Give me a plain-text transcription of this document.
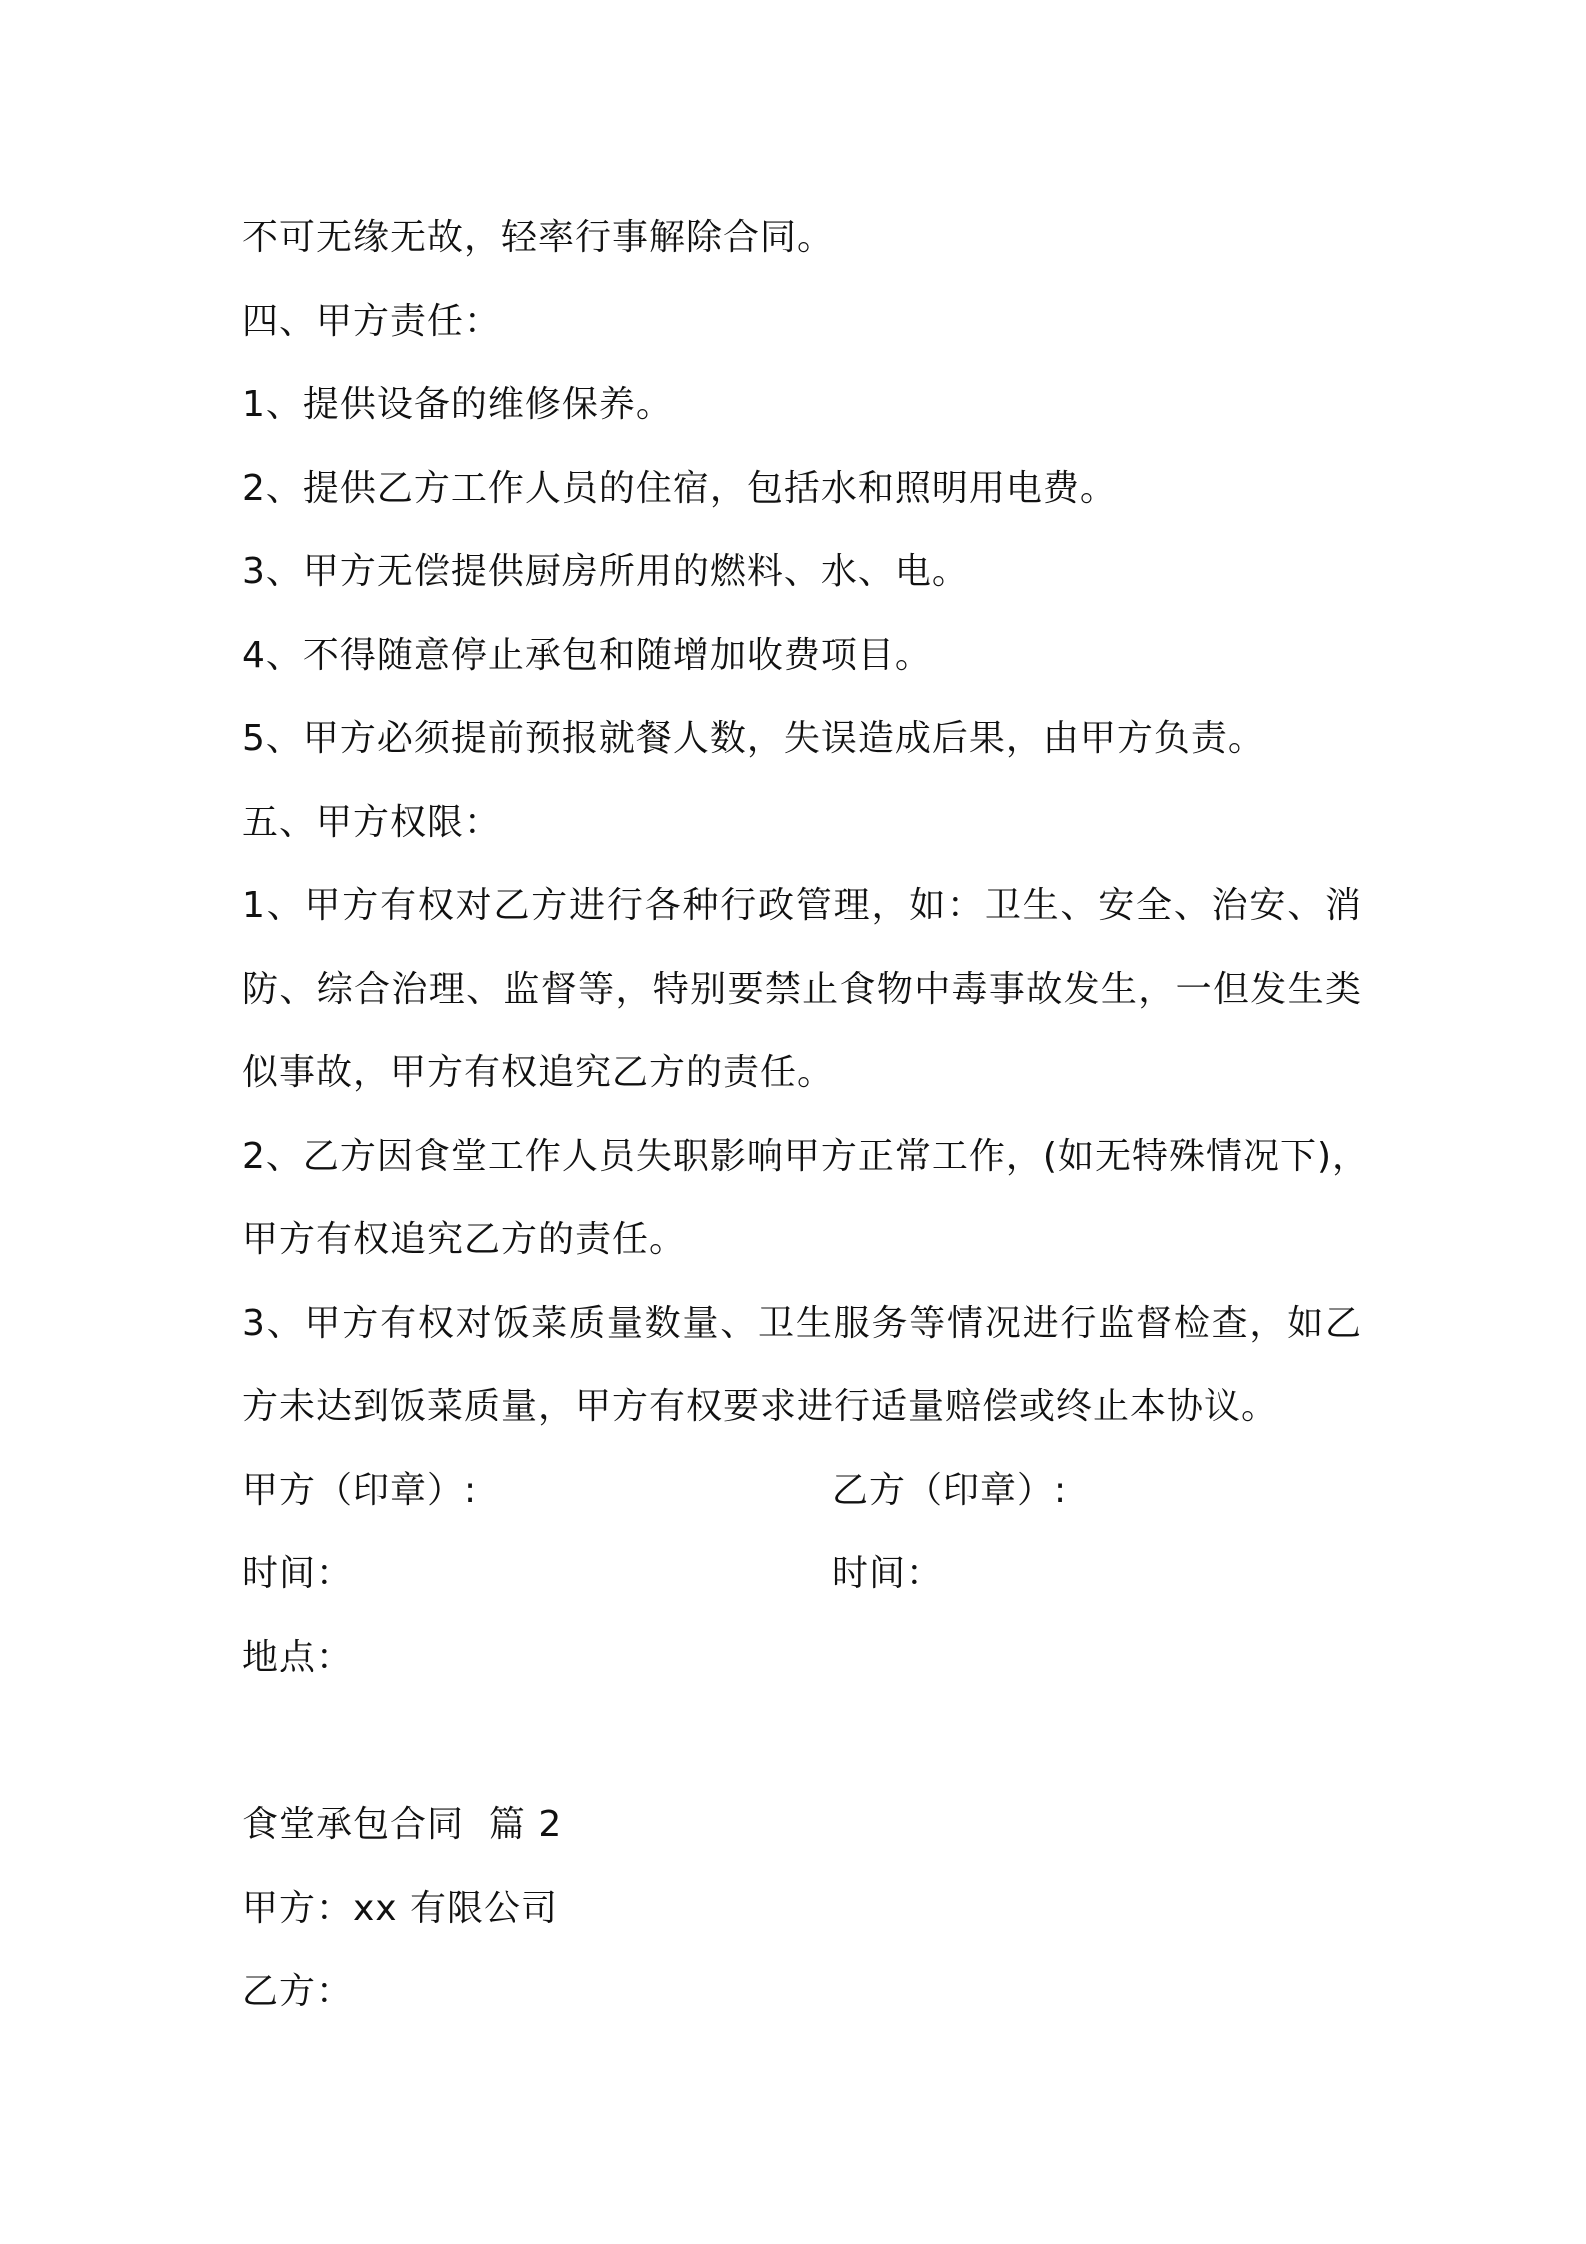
不可无缘无故，轻率行事解除合同。
四、甲方责任：
1、提供设备的维修保养。
2、提供乙方工作人员的住宿，包括水和照明用电费。
3、甲方无偿提供厨房所用的燃料、水、电。
4、不得随意停止承包和随增加收费项目。
5、甲方必须提前预报就餐人数，失误造成后果，由甲方负责。
五、甲方权限：
1、甲方有权对乙方进行各种行政管理，如：卫生、安全、治安、消
防、综合治理、监督等，特别要禁止食物中毒事故发生，一但发生类
似事故，甲方有权追究乙方的责任。
2、乙方因食堂工作人员失职影响甲方正常工作，(如无特殊情况下)，
甲方有权追究乙方的责任。
3、甲方有权对饭菜质量数量、卫生服务等情况进行监督检查，如乙
方未达到饭菜质量，甲方有权要求进行适量赔偿或终止本协议。
甲方（印章）:	乙方（印章）:
时间：	时间：
地点：
食堂承包合同  篇 2
甲方：xx 有限公司
乙方：
